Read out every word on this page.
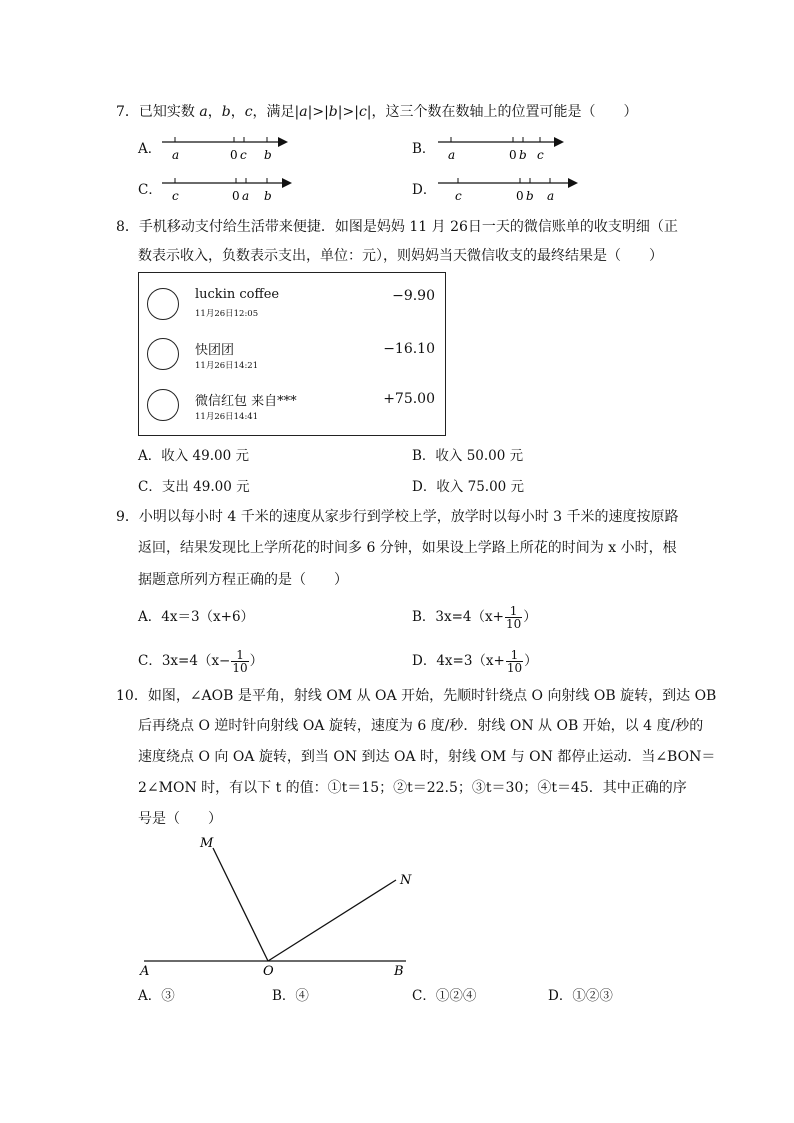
7．已知实数 a，b，c，满足|a|>|b|>|c|，这三个数在数轴上的位置可能是（　　）
A． a	0 c b	B． a	0 b c
C． c	0 a b	D． c	0 b a
8．手机移动支付给生活带来便捷．如图是妈妈 11 月 26日一天的微信账单的收支明细（正
数表示收入，负数表示支出，单位：元），则妈妈当天微信收支的最终结果是（　　）
luckin coffee
11月26日12:05
−9.90
快团团
11月26日14:21
−16.10
微信红包 来自***
11月26日14:41
+75.00
A．收入 49.00 元	B．收入 50.00 元
C．支出 49.00 元	D．收入 75.00 元
9．小明以每小时 4 千米的速度从家步行到学校上学，放学时以每小时 3 千米的速度按原路
返回，结果发现比上学所花的时间多 6 分钟，如果设上学路上所花的时间为 x 小时，根
据题意所列方程正确的是（　　）
A．4x＝3（x+6）	B．$3x=4(x+ \frac{1}{10}$ ）
C．$3x=4(x- \frac{1}{10}$ ）	D．$4x=3(x+ \frac{1}{10}$ ）
10．如图，∠AOB 是平角，射线 OM 从 OA 开始，先顺时针绕点 O 向射线 OB 旋转，到达 OB
后再绕点 O 逆时针向射线 OA 旋转，速度为 6 度/秒．射线 ON 从 OB 开始，以 4 度/秒的
速度绕点 O 向 OA 旋转，到当 ON 到达 OA 时，射线 OM 与 ON 都停止运动．当∠BON＝
2∠MON 时，有以下 t 的值：①t＝15；②t＝22.5；③t＝30；④t＝45．其中正确的序
号是（　　）
M
N
A	O	B
A．③	B．④	C．①②④	D．①②③
